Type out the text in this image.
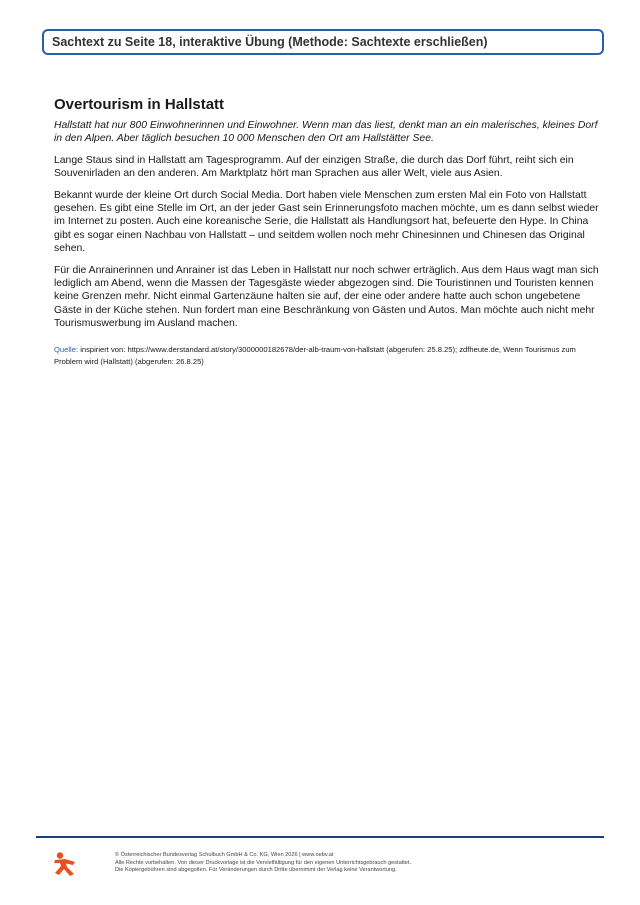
Sachtext zu Seite 18, interaktive Übung (Methode: Sachtexte erschließen)
Overtourism in Hallstatt

Hallstatt hat nur 800 Einwohnerinnen und Einwohner. Wenn man das liest, denkt man an ein malerisches, kleines Dorf in den Alpen. Aber täglich besuchen 10 000 Menschen den Ort am Hallstätter See.

Lange Staus sind in Hallstatt am Tagesprogramm. Auf der einzigen Straße, die durch das Dorf führt, reiht sich ein Souvenirladen an den anderen. Am Marktplatz hört man Sprachen aus aller Welt, viele aus Asien.

Bekannt wurde der kleine Ort durch Social Media. Dort haben viele Menschen zum ersten Mal ein Foto von Hallstatt gesehen. Es gibt eine Stelle im Ort, an der jeder Gast sein Erinnerungsfoto machen möchte, um es dann selbst wieder im Internet zu posten. Auch eine koreanische Serie, die Hallstatt als Handlungsort hat, befeuerte den Hype. In China gibt es sogar einen Nachbau von Hallstatt – und seitdem wollen noch mehr Chinesinnen und Chinesen das Original sehen.

Für die Anrainerinnen und Anrainer ist das Leben in Hallstatt nur noch schwer erträglich. Aus dem Haus wagt man sich lediglich am Abend, wenn die Massen der Tagesgäste wieder abgezogen sind. Die Touristinnen und Touristen kennen keine Grenzen mehr. Nicht einmal Gartenzäune halten sie auf, der eine oder andere hatte auch schon ungebetene Gäste in der Küche stehen. Nun fordert man eine Beschränkung von Gästen und Autos. Man möchte auch nicht mehr Tourismuswerbung im Ausland machen.

Quelle: inspiriert von: https://www.derstandard.at/story/3000000182678/der-alb-traum-von-hallstatt (abgerufen: 25.8.25); zdfheute.de, Wenn Tourismus zum Problem wird (Hallstatt) (abgerufen: 26.8.25)
© Österreichischer Bundesverlag Schulbuch GmbH & Co. KG, Wien 2026 | www.oebv.at
Alle Rechte vorbehalten. Von dieser Druckvorlage ist die Vervielfältigung für den eigenen Unterrichtsgebrauch gestattet.
Die Kopiergebühren sind abgegolten. Für Veränderungen durch Dritte übernimmt der Verlag keine Verantwortung.
